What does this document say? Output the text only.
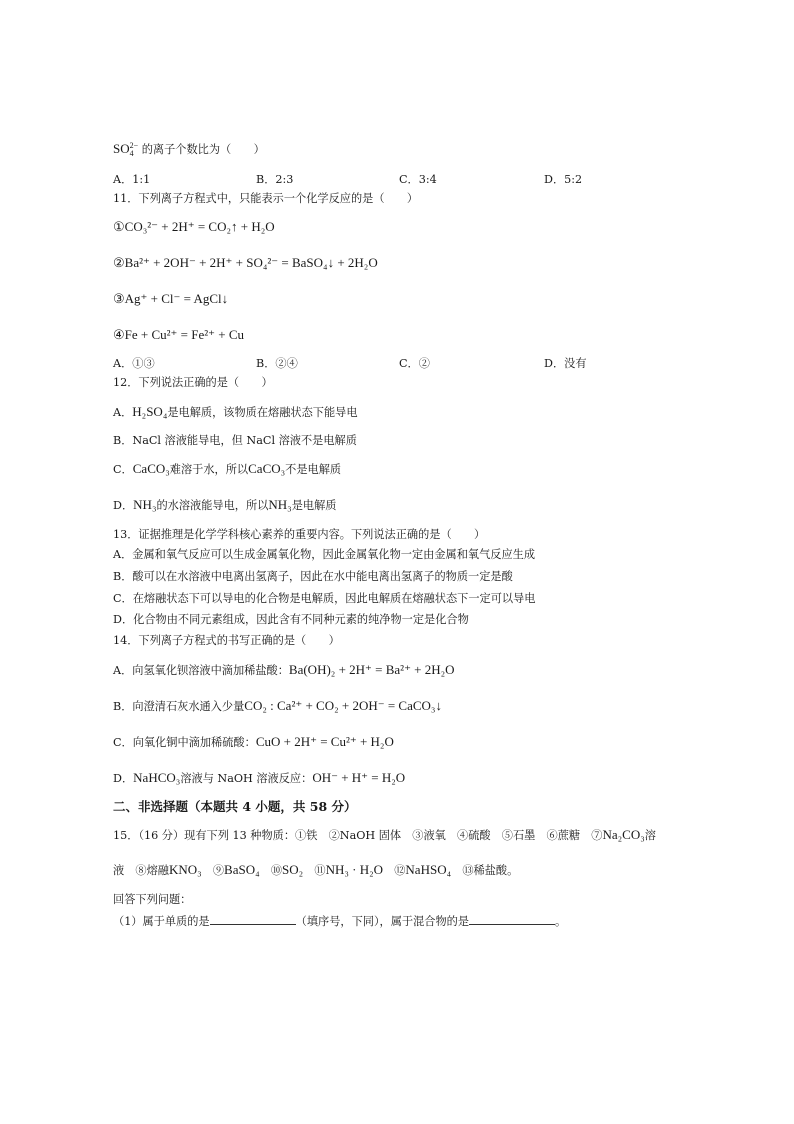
SO 2−
4 的离子个数比为（　　）
A．1:1	B．2:3	C．3:4	D．5:2
11．下列离子方程式中，只能表示一个化学反应的是（　　）
①CO₃²⁻ + 2H⁺ = CO₂↑ + H₂O
②Ba²⁺ + 2OH⁻ + 2H⁺ + SO₄²⁻ = BaSO₄↓ + 2H₂O
③Ag⁺ + Cl⁻ = AgCl↓
④Fe + Cu²⁺ = Fe²⁺ + Cu
A．①③	B．②④	C．②	D．没有
12．下列说法正确的是（　　）
A．H₂SO₄是电解质，该物质在熔融状态下能导电
B．NaCl 溶液能导电，但 NaCl 溶液不是电解质
C．CaCO₃难溶于水，所以CaCO₃不是电解质
D．NH₃的水溶液能导电，所以NH₃是电解质
13．证据推理是化学学科核心素养的重要内容。下列说法正确的是（　　）
A．金属和氧气反应可以生成金属氧化物，因此金属氧化物一定由金属和氧气反应生成
B．酸可以在水溶液中电离出氢离子，因此在水中能电离出氢离子的物质一定是酸
C．在熔融状态下可以导电的化合物是电解质，因此电解质在熔融状态下一定可以导电
D．化合物由不同元素组成，因此含有不同种元素的纯净物一定是化合物
14．下列离子方程式的书写正确的是（　　）
A．向氢氧化钡溶液中滴加稀盐酸：Ba(OH)₂ + 2H⁺ = Ba²⁺ + 2H₂O
B．向澄清石灰水通入少量CO₂ : Ca²⁺ + CO₂ + 2OH⁻ = CaCO₃↓
C．向氧化铜中滴加稀硫酸：CuO + 2H⁺ = Cu²⁺ + H₂O
D．NaHCO₃溶液与 NaOH 溶液反应：OH⁻ + H⁺ = H₂O
二、非选择题（本题共 4 小题，共 58 分）
15．（16 分）现有下列 13 种物质：①铁　②NaOH 固体　③液氧　④硫酸　⑤石墨　⑥蔗糖　⑦Na₂CO₃溶
液　⑧熔融KNO₃　⑨BaSO₄　⑩SO₂　⑪NH₃ · H₂O　⑫NaHSO₄　⑬稀盐酸。
回答下列问题：
（1）属于单质的是	（填序号，下同），属于混合物的是	。
